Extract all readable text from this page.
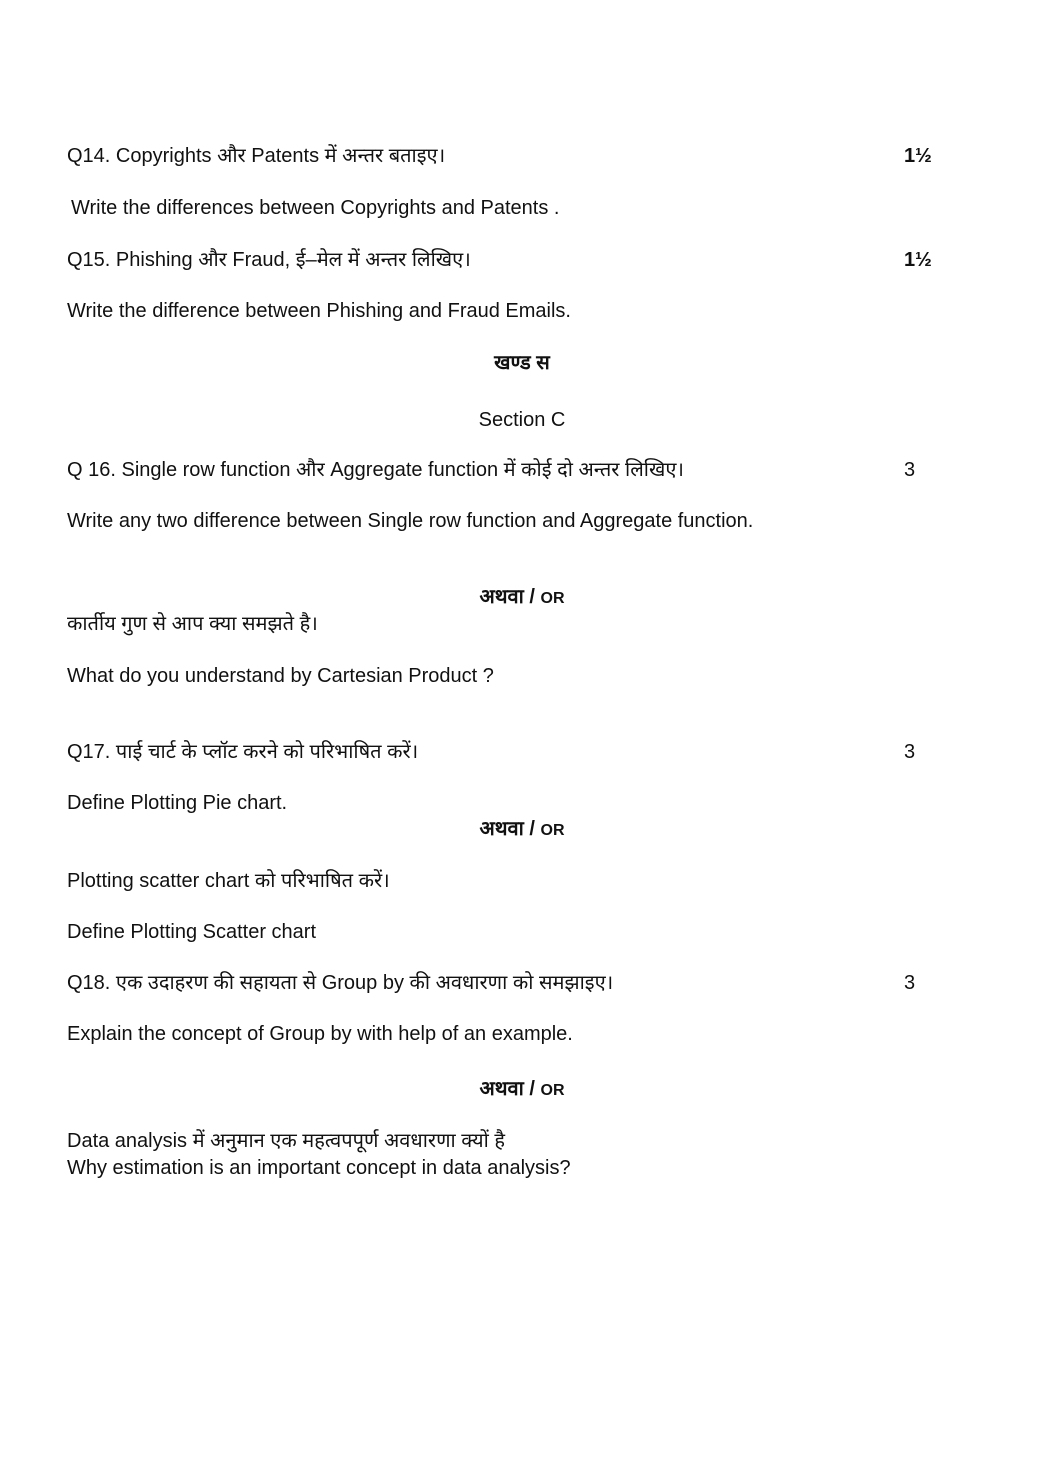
Q14. Copyrights और Patents में अन्तर बताइए।	1½
Write the differences between Copyrights and Patents .
Q15. Phishing और Fraud, ई–मेल में अन्तर लिखिए।	1½
Write the difference between Phishing and Fraud Emails.
खण्ड स
Section C
Q 16. Single row function और Aggregate function में कोई दो अन्तर लिखिए।	3
Write any two difference between Single row function and Aggregate function.
अथवा / OR
कार्तीय गुण से आप क्या समझते है।
What do you understand by Cartesian Product ?
Q17. पाई चार्ट के प्लॉट करने को परिभाषित करें।	3
Define Plotting Pie chart.
अथवा / OR
Plotting scatter chart को परिभाषित करें।
Define Plotting Scatter chart
Q18. एक उदाहरण की सहायता से Group by की अवधारणा को समझाइए।	3
Explain the concept of Group by with help of an example.
अथवा / OR
Data analysis में अनुमान एक महत्वपपूर्ण अवधारणा क्यों है
Why estimation is an important concept in data analysis?
